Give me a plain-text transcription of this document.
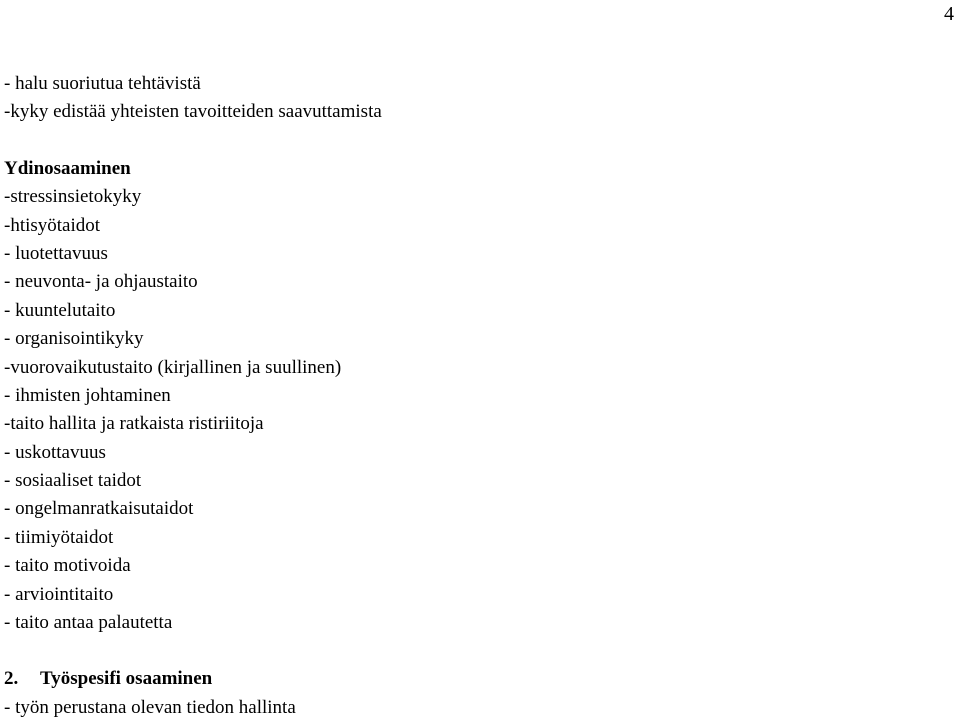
4
- halu suoriutua tehtävistä
-kyky edistää yhteisten tavoitteiden saavuttamista
Ydinosaaminen
-stressinsietokyky
-htisyötaidot
- luotettavuus
- neuvonta- ja ohjaustaito
- kuuntelutaito
- organisointikyky
-vuorovaikutustaito (kirjallinen ja suullinen)
- ihmisten johtaminen
-taito hallita ja ratkaista ristiriitoja
- uskottavuus
- sosiaaliset taidot
- ongelmanratkaisutaidot
- tiimiyötaidot
- taito motivoida
- arviointitaito
- taito antaa palautetta
2. Työspesifi osaaminen
- työn perustana olevan tiedon hallinta
